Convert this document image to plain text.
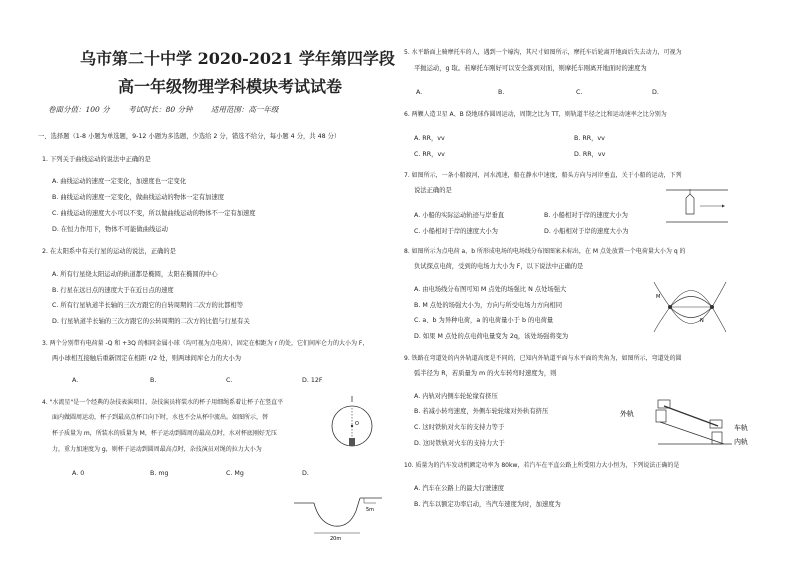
乌市第二十中学 2020-2021 学年第四学段
高一年级物理学科模块考试试卷
卷面分值：100 分 考试时长：80 分钟 适用范围：高一年级
一、选择题（1-8 小题为单选题，9-12 小题为多选题，少选给 2 分，错选不给分，每小题 4 分，共 48 分）
1. 下列关于曲线运动的说法中正确的是
A. 曲线运动的速度一定变化，加速度也一定变化
B. 曲线运动的速度一定变化，做曲线运动的物体一定有加速度
C. 曲线运动的速度大小可以不变，所以做曲线运动的物体不一定有加速度
D. 在恒力作用下，物体不可能做曲线运动
2. 在太阳系中有关行星的运动的说法，正确的是
A. 所有行星绕太阳运动的轨道都是椭圆，太阳在椭圆的中心
B. 行星在远日点的速度大于在近日点的速度
C. 所有行星轨道半长轴的三次方跟它的自转周期的二次方的比都相等
D. 行星轨道半长轴的三次方跟它的公转周期的二次方的比值与行星有关
3. 两个分别带有电荷量 -Q 和 +3Q 的相同金属小球（均可视为点电荷），固定在相距为 r 的处，它们间库仑力的大小为 F，
两小球相互接触后重新固定在相距 r/2 处，则两球间库仑力的大小为
A.	B.	C.	D. 12F
4. "水流星"是一个经典的杂技表演项目，杂技演员将装水的杯子用细绳系着让杯子在竖直平
面内做圆周运动，杯子到最高点杯口向下时，水也不会从杯中流出。如图所示，替
杯子质量为 m，所装水的质量为 M，杯子运动到圆周的最高点时，水对杯底刚好无压
力，重力加速度为 g，则杯子运动到圆周最高点时，杂技演员对绳的拉力大小为
A. 0	B. mg	C. Mg	D.
O
5m
20m
5. 水平路面上骑摩托车的人，遇到一个壕沟，其尺寸如图所示，摩托车后轮离开地面后失去动力，可视为
平抛运动，g 取。若摩托车刚好可以安全落到对面，则摩托车刚离开地面时的速度为
A.	B.	C.	D.
6. 两颗人造卫星 A、B 绕地球作圆周运动，周期之比为 TT，则轨道半径之比和运动速率之比分别为
A. RR，vv	B. RR，vv
C. RR，vv	D. RR，vv
7. 如图所示，一条小船渡河，河水流速，船在静水中速度，船头方向与河岸垂直，关于小船的运动，下列
说法正确的是
A. 小船的实际运动轨迹与岸垂直	B. 小船相对于岸的速度大小为
C. 小船相对于岸的速度大小为	D. 小船相对于岸的速度大小为
8. 如图所示为点电荷 a、b 所形成电场的电场线分布图图案未标出，在 M 点处放置一个电荷量大小为 q 的
负试探点电荷，受到的电场力大小为 F，以下说法中正确的是
A. 由电场线分布图可知 M 点处的场强比 N 点处场强大
B. M 点处的场强大小为，方向与所受电场力方向相同
C. a、b 为异种电荷，a 的电荷量小于 b 的电荷量
D. 如果 M 点处的点电荷电量变为 2q，该处场强将变为
M
N
9. 铁路在弯道处的内外轨道高度是不同的，已知内外轨道平面与水平面的夹角为，如图所示，弯道处的圆
弧半径为 R，若质量为 m 的火车转弯时速度为，则
A. 内轨对内侧车轮轮缘有挤压
B. 若减小转弯速度，外侧车轮轮缘对外轨有挤压
C. 这时铁轨对火车的支持力等于
D. 这时铁轨对火车的支持力大于
外轨
车轨
内轨
10. 质量为的汽车发动机额定功率为 80kw，若汽车在平直公路上所受阻力大小恒为，下列说法正确的是
A. 汽车在公路上的最大行驶速度
B. 汽车以额定功率启动，当汽车速度为时，加速度为
